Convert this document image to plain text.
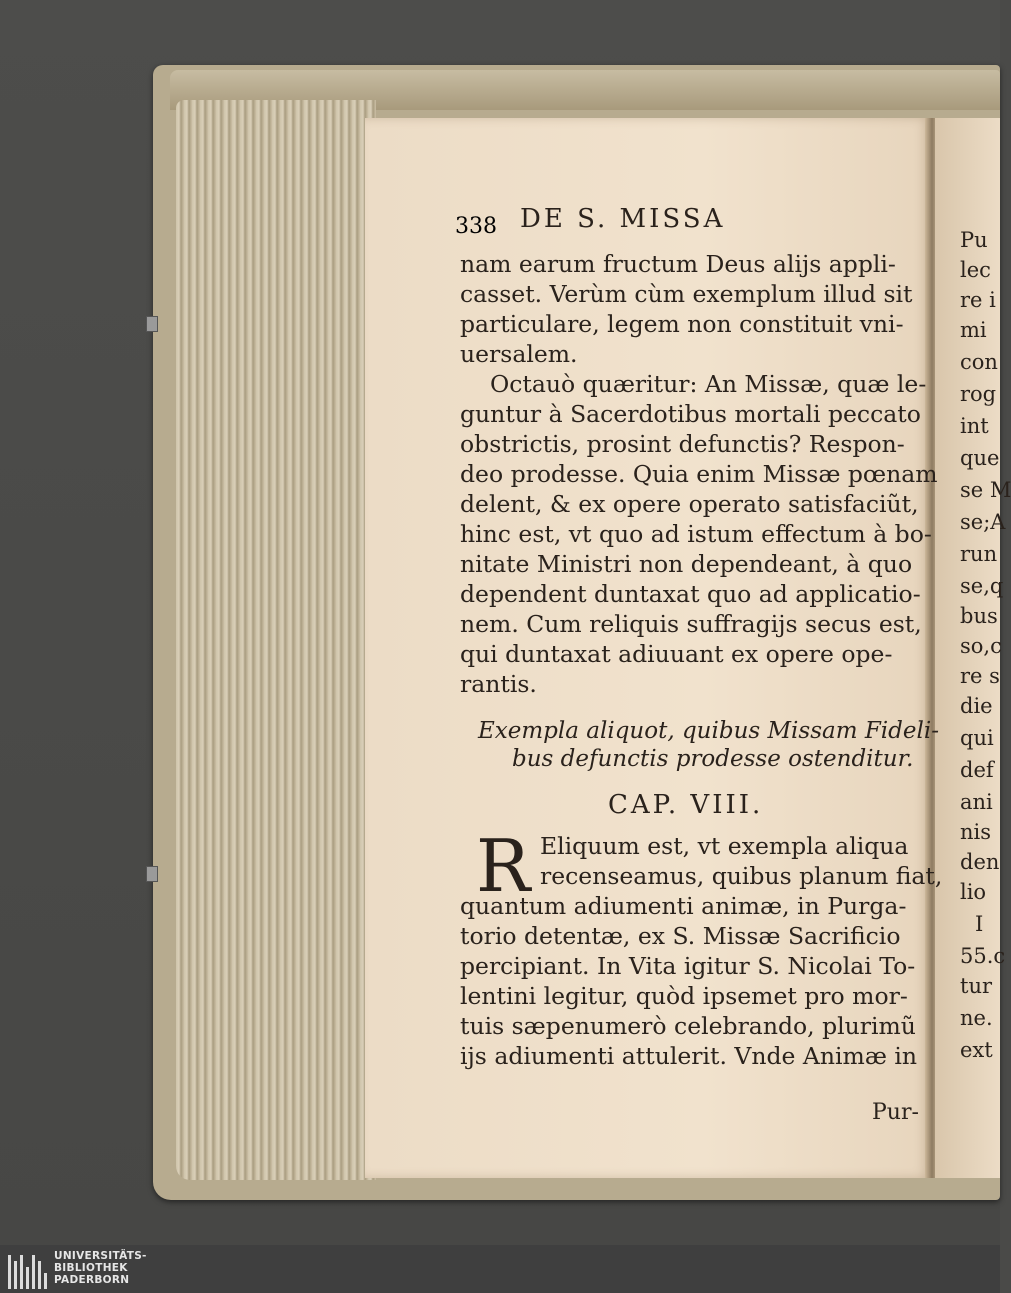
338 DE S. MISSA
nam earum fructum Deus alijs appli-
casset. Verùm cùm exemplum illud sit
particulare, legem non constituit vni-
uersalem.
Octauò quæritur: An Missæ, quæ le-
guntur à Sacerdotibus mortali peccato
obstrictis, prosint defunctis? Respon-
deo prodesse. Quia enim Missæ pœnam
delent, & ex opere operato satisfaciũt,
hinc est, vt quo ad istum effectum à bo-
nitate Ministri non dependeant, à quo
dependent duntaxat quo ad applicatio-
nem. Cum reliquis suffragijs secus est,
qui duntaxat adiuuant ex opere ope-
rantis.
Exempla aliquot, quibus Missam Fideli-
bus defunctis prodesse ostenditur.
CAP. VIII.
R Eliquum est, vt exempla aliqua
recenseamus, quibus planum fiat,
quantum adiumenti animæ, in Purga-
torio detentæ, ex S. Missæ Sacrificio
percipiant. In Vita igitur S. Nicolai To-
lentini legitur, quòd ipsemet pro mor-
tuis sæpenumerò celebrando, plurimũ
ijs adiumenti attulerit. Vnde Animæ in
Pur-
Pu
lec
re i
mi
con
rog
int
que
se M
se;A
run
se,q
bus
so,c
re s
die
qui
def
ani
nis
den
lio
I
55.c
tur
ne.
ext
UNIVERSITÄTS-
BIBLIOTHEK
PADERBORN
